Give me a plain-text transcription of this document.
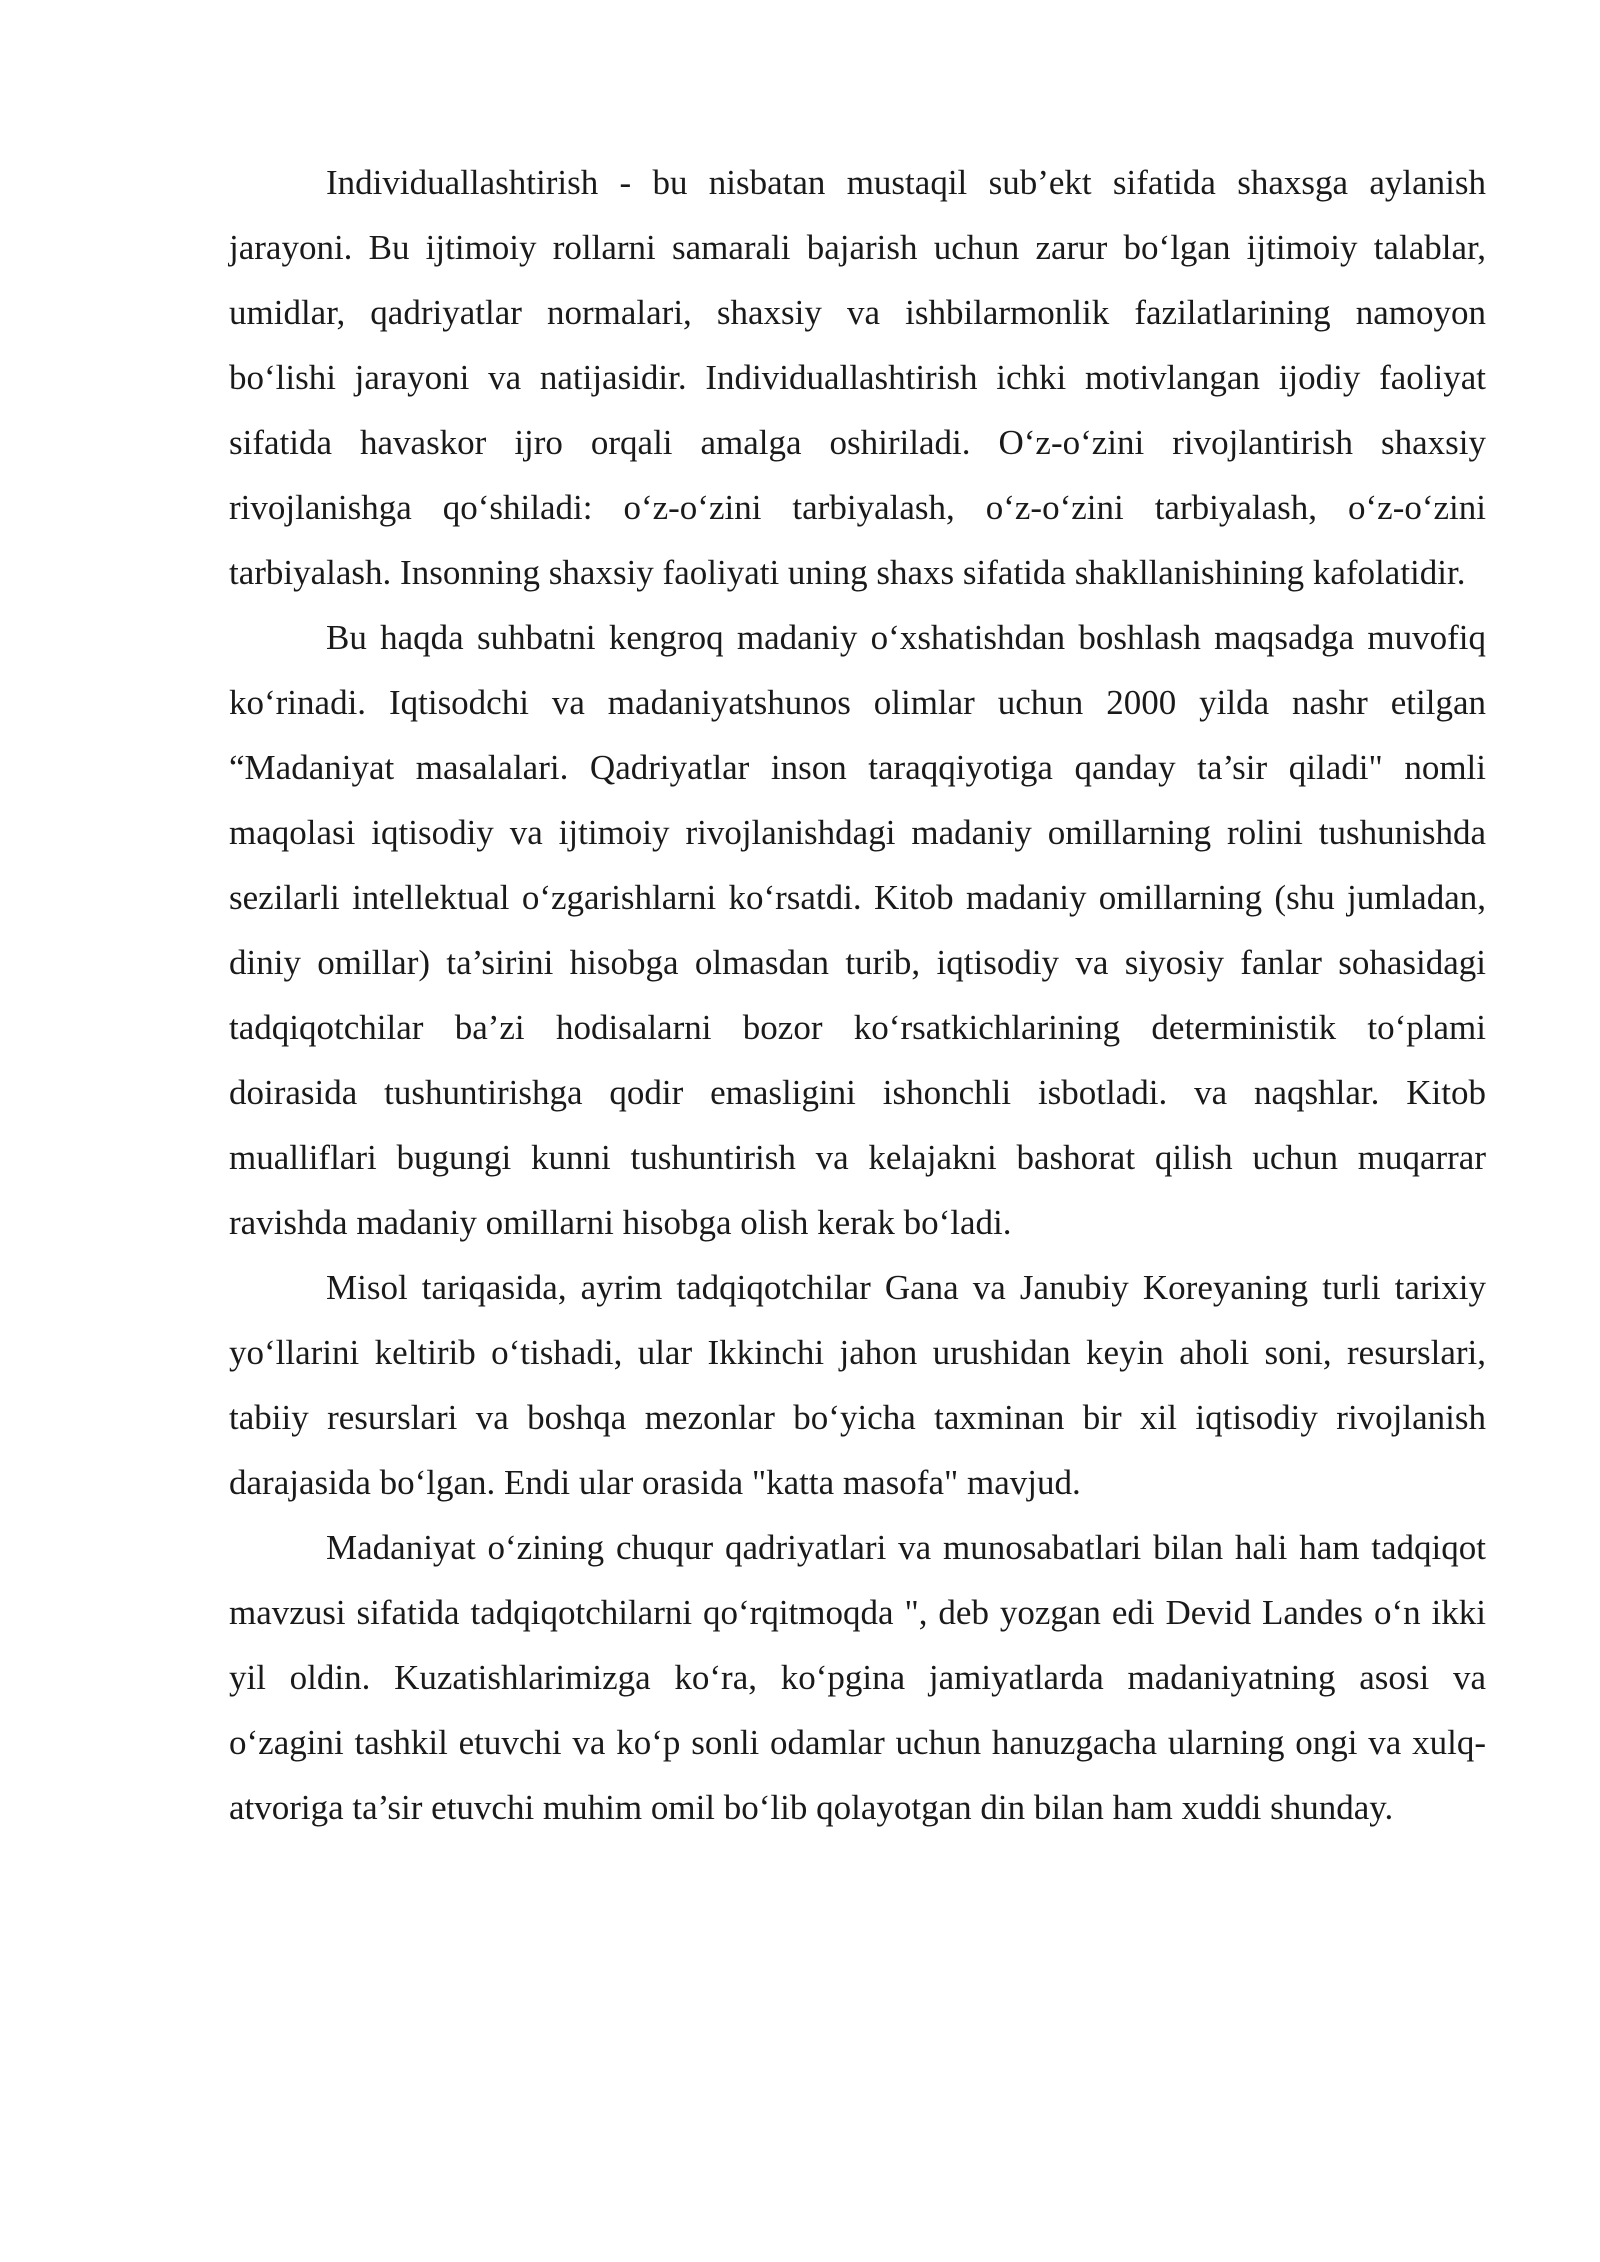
Individuallashtirish - bu nisbatan mustaqil sub’ekt sifatida shaxsga aylanish jarayoni. Bu ijtimoiy rollarni samarali bajarish uchun zarur bo‘lgan ijtimoiy talablar, umidlar, qadriyatlar normalari, shaxsiy va ishbilarmonlik fazilatlarining namoyon bo‘lishi jarayoni va natijasidir. Individuallashtirish ichki motivlangan ijodiy faoliyat sifatida havaskor ijro orqali amalga oshiriladi. O‘z-o‘zini rivojlantirish shaxsiy rivojlanishga qo‘shiladi: o‘z-o‘zini tarbiyalash, o‘z-o‘zini tarbiyalash, o‘z-o‘zini tarbiyalash. Insonning shaxsiy faoliyati uning shaxs sifatida shakllanishining kafolatidir.

Bu haqda suhbatni kengroq madaniy o‘xshatishdan boshlash maqsadga muvofiq ko‘rinadi. Iqtisodchi va madaniyatshunos olimlar uchun 2000 yilda nashr etilgan “Madaniyat masalalari. Qadriyatlar inson taraqqiyotiga qanday ta’sir qiladi" nomli maqolasi iqtisodiy va ijtimoiy rivojlanishdagi madaniy omillarning rolini tushunishda sezilarli intellektual o‘zgarishlarni ko‘rsatdi. Kitob madaniy omillarning (shu jumladan, diniy omillar) ta’sirini hisobga olmasdan turib, iqtisodiy va siyosiy fanlar sohasidagi tadqiqotchilar ba’zi hodisalarni bozor ko‘rsatkichlarining deterministik to‘plami doirasida tushuntirishga qodir emasligini ishonchli isbotladi. va naqshlar. Kitob mualliflari bugungi kunni tushuntirish va kelajakni bashorat qilish uchun muqarrar ravishda madaniy omillarni hisobga olish kerak bo‘ladi.

Misol tariqasida, ayrim tadqiqotchilar Gana va Janubiy Koreyaning turli tarixiy yo‘llarini keltirib o‘tishadi, ular Ikkinchi jahon urushidan keyin aholi soni, resurslari, tabiiy resurslari va boshqa mezonlar bo‘yicha taxminan bir xil iqtisodiy rivojlanish darajasida bo‘lgan. Endi ular orasida "katta masofa" mavjud.

Madaniyat o‘zining chuqur qadriyatlari va munosabatlari bilan hali ham tadqiqot mavzusi sifatida tadqiqotchilarni qo‘rqitmoqda ", deb yozgan edi Devid Landes o‘n ikki yil oldin. Kuzatishlarimizga ko‘ra, ko‘pgina jamiyatlarda madaniyatning asosi va o‘zagini tashkil etuvchi va ko‘p sonli odamlar uchun hanuzgacha ularning ongi va xulq-atvoriga ta’sir etuvchi muhim omil bo‘lib qolayotgan din bilan ham xuddi shunday.
